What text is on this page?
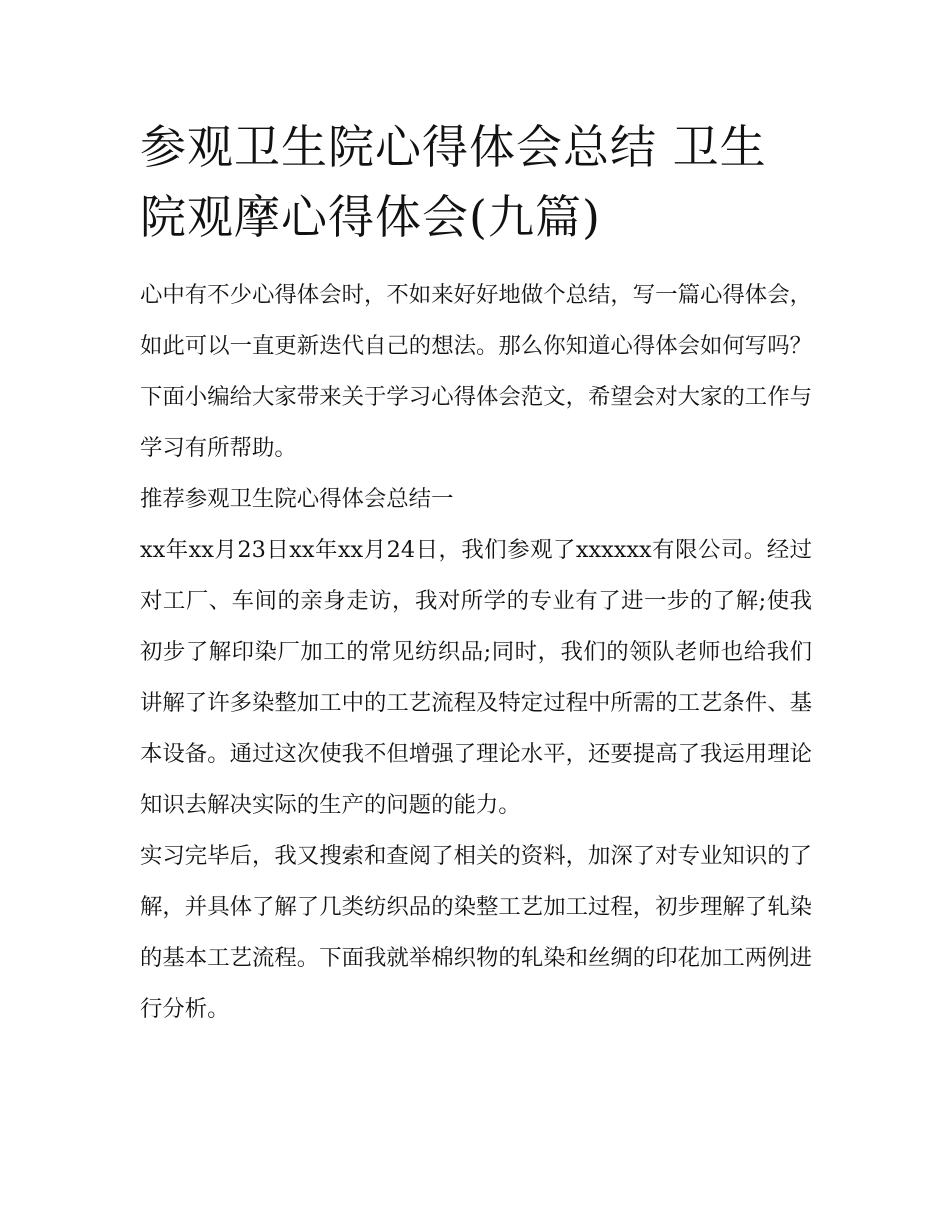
参观卫生院心得体会总结 卫生院观摩心得体会(九篇)

心中有不少心得体会时，不如来好好地做个总结，写一篇心得体会，如此可以一直更新迭代自己的想法。那么你知道心得体会如何写吗？下面小编给大家带来关于学习心得体会范文，希望会对大家的工作与学习有所帮助。

推荐参观卫生院心得体会总结一

xx年xx月23日xx年xx月24日，我们参观了xxxxxx有限公司。经过对工厂、车间的亲身走访，我对所学的专业有了进一步的了解;使我初步了解印染厂加工的常见纺织品;同时，我们的领队老师也给我们讲解了许多染整加工中的工艺流程及特定过程中所需的工艺条件、基本设备。通过这次使我不但增强了理论水平，还要提高了我运用理论知识去解决实际的生产的问题的能力。

实习完毕后，我又搜索和查阅了相关的资料，加深了对专业知识的了解，并具体了解了几类纺织品的染整工艺加工过程，初步理解了轧染的基本工艺流程。下面我就举棉织物的轧染和丝绸的印花加工两例进行分析。
